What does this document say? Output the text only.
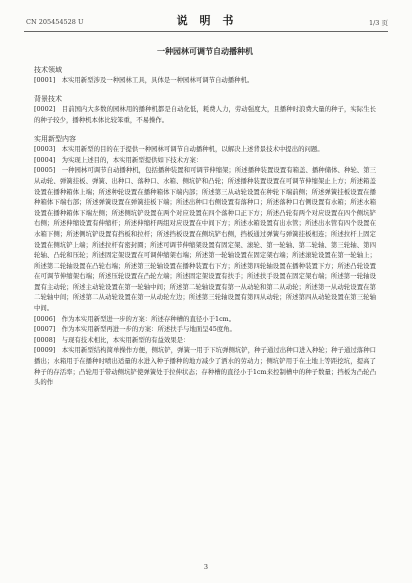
CN 205454528 U	说 明 书	1/3 页
一种园林可调节自动播种机
技术领域

[0001]　本实用新型涉及一种园林工具，具体是一种园林可调节自动播种机。

背景技术

[0002]　目前国内大多数的园林用的播种机都是自动化低，耗费人力，劳动强度大，且播种时浪费大量的种子，实际生长的种子较少，播种机本体比较笨重，不易操作。

实用新型内容

[0003]　本实用新型的目的在于提供一种园林可调节自动播种机，以解决上述背景技术中提出的问题。

[0004]　为实现上述目的，本实用新型提供如下技术方案：

[0005]　一种园林可调节自动播种机，包括播种装置和可调节伸缩架；所述播种装置设置有箱盖、播种储体、种轮、第三从动轮、弹簧挂板、弹簧、出种口、落种口、水箱、侧坑铲和凸轮；所述播种装置设置在可调节伸缩架止上方；所述箱盖设置在播种箱体上端；所述种轮设置在播种箱体下端内部；所述第三从动轮设置在种轮下端前侧；所述弹簧挂板设置在播种箱体下端右部；所述弹簧设置在弹簧挂板下端；所述出种口右侧设置有落种口；所述落种口右侧设置有水箱；所述水箱设置在播种箱体下端左侧；所述侧坑铲设置在两个对应设置在四个落种口正下方；所述凸轮有两个对应设置在四个侧坑铲右侧；所述伸缩设置有伸缩杆；所述伸缩杆两组对应设置在中间下方；所述水箱设置有出水管；所述出水管有四个设置在水箱下侧；所述侧坑铲设置有挡板和拉杆；所述挡板设置在侧坑铲右侧，挡板通过弹簧与弹簧挂板相连；所述拉杆上固定设置在侧坑铲上端；所述拉杆有密封圈；所述可调节伸缩架设置有固定架、滚轮、第一轮轴、第二轮轴、第三轮轴、第四轮轴、凸轮和压轮；所述固定架设置在可调伸缩架右端；所述第一轮轴设置在固定架右端；所述滚轮设置在第一轮轴上；所述第二轮轴设置在凸轮右端；所述第三轮轴设置在播种装置右下方；所述第四轮轴设置在播种装置下方；所述凸轮设置在可调节伸缩架右端；所述压轮设置在凸轮左端；所述固定架设置有扶手；所述扶手设置在固定架右端；所述第一轮轴设置有主动轮；所述主动轮设置在第一轮轴中间；所述第二轮轴设置有第一从动轮和第二从动轮；所述第一从动轮设置在第二轮轴中间；所述第二从动轮设置在第一从动轮左边；所述第三轮轴设置有第四从动轮；所述第四从动轮设置在第三轮轴中间。

[0006]　作为本实用新型进一步的方案：所述存种槽的直径小于1cm。

[0007]　作为本实用新型再进一步的方案：所述扶手与地面呈45度角。

[0008]　与现有技术相比，本实用新型的有益效果是：

[0009]　本实用新型结构简单操作方便，侧坑铲，弹簧一用于下坑弹侧坑铲，种子通过出种口进入种轮；种子通过落种口播出；水箱用于在播种时喷出适量的水进入种子播种的地方减少了洒水的劳动力；侧坑铲用于在土地上等距挖坑，提高了种子的存活率；凸轮用于带动侧坑铲使弹簧处于拉伸状态；存种槽的直径小于1cm来控制槽中的种子数量；挡板为凸轮凸头的作

3
